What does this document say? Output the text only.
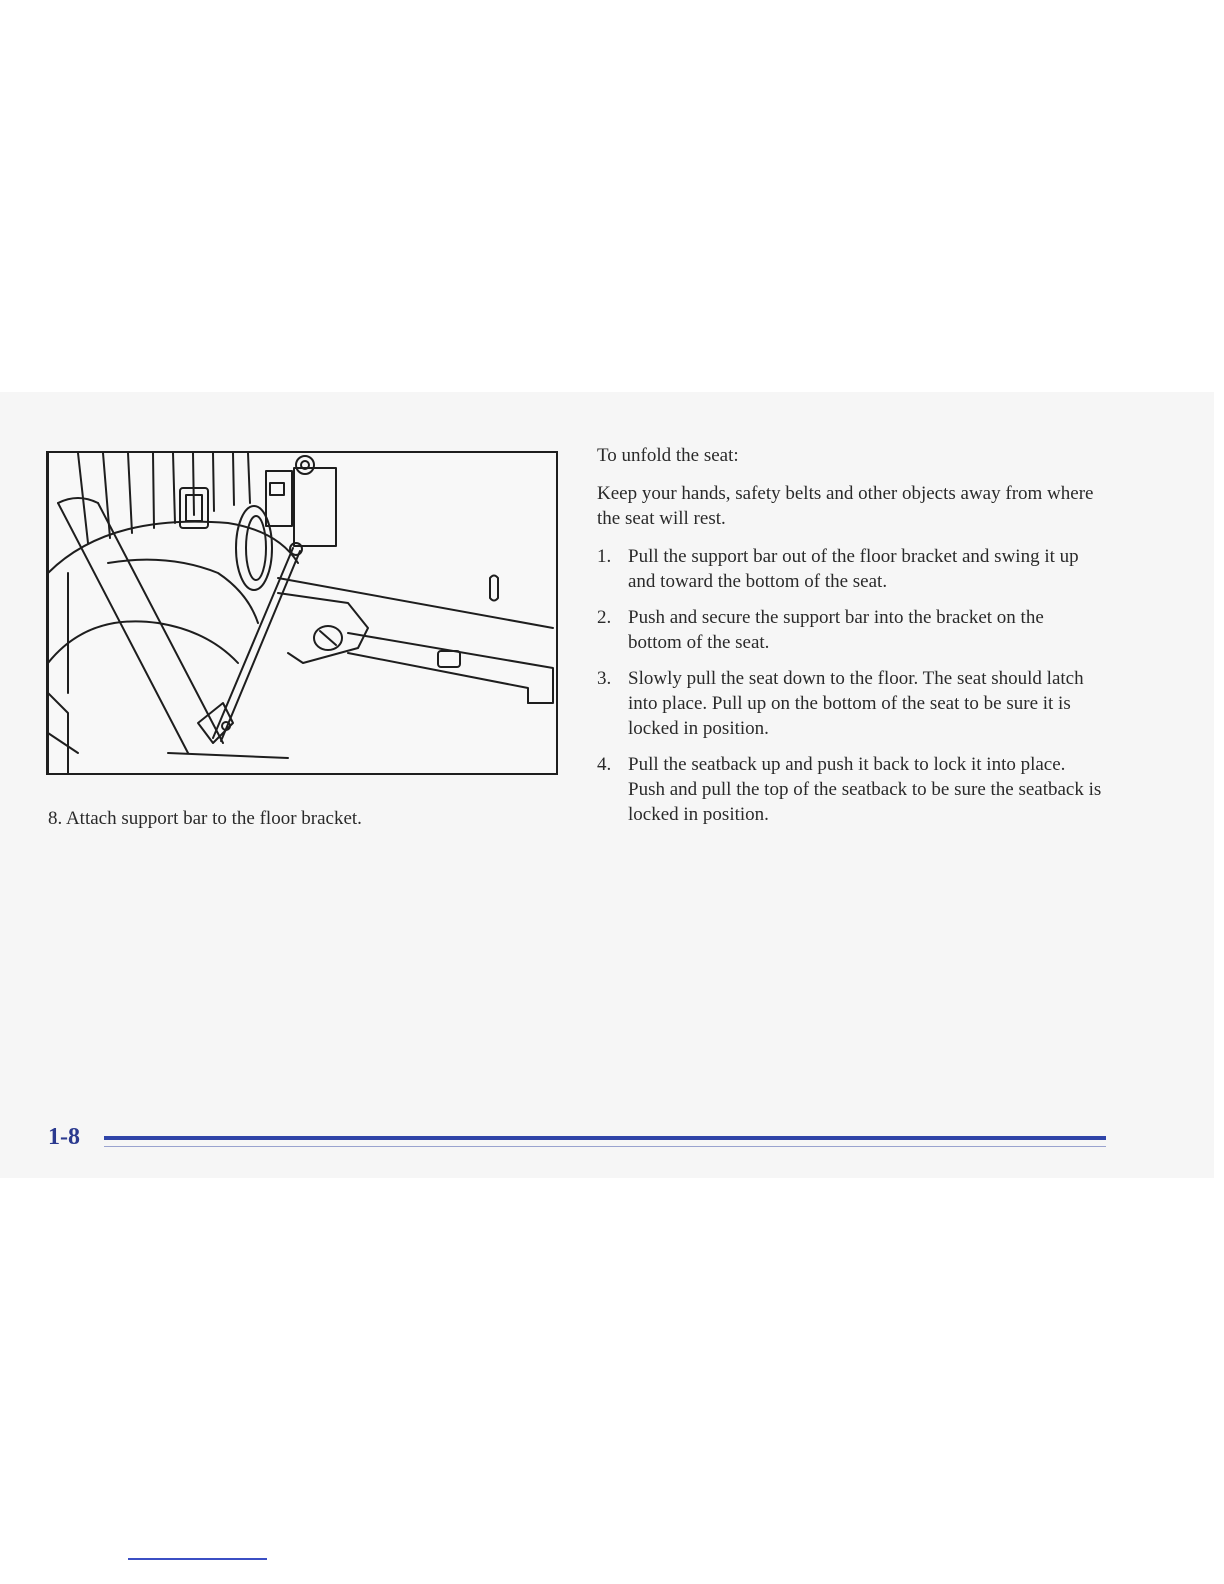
8. Attach support bar to the floor bracket.

To unfold the seat:

Keep your hands, safety belts and other objects away from where the seat will rest.

1. Pull the support bar out of the floor bracket and swing it up and toward the bottom of the seat.
2. Push and secure the support bar into the bracket on the bottom of the seat.
3. Slowly pull the seat down to the floor. The seat should latch into place. Pull up on the bottom of the seat to be sure it is locked in position.
4. Pull the seatback up and push it back to lock it into place. Push and pull the top of the seatback to be sure the seatback is locked in position.
1-8
